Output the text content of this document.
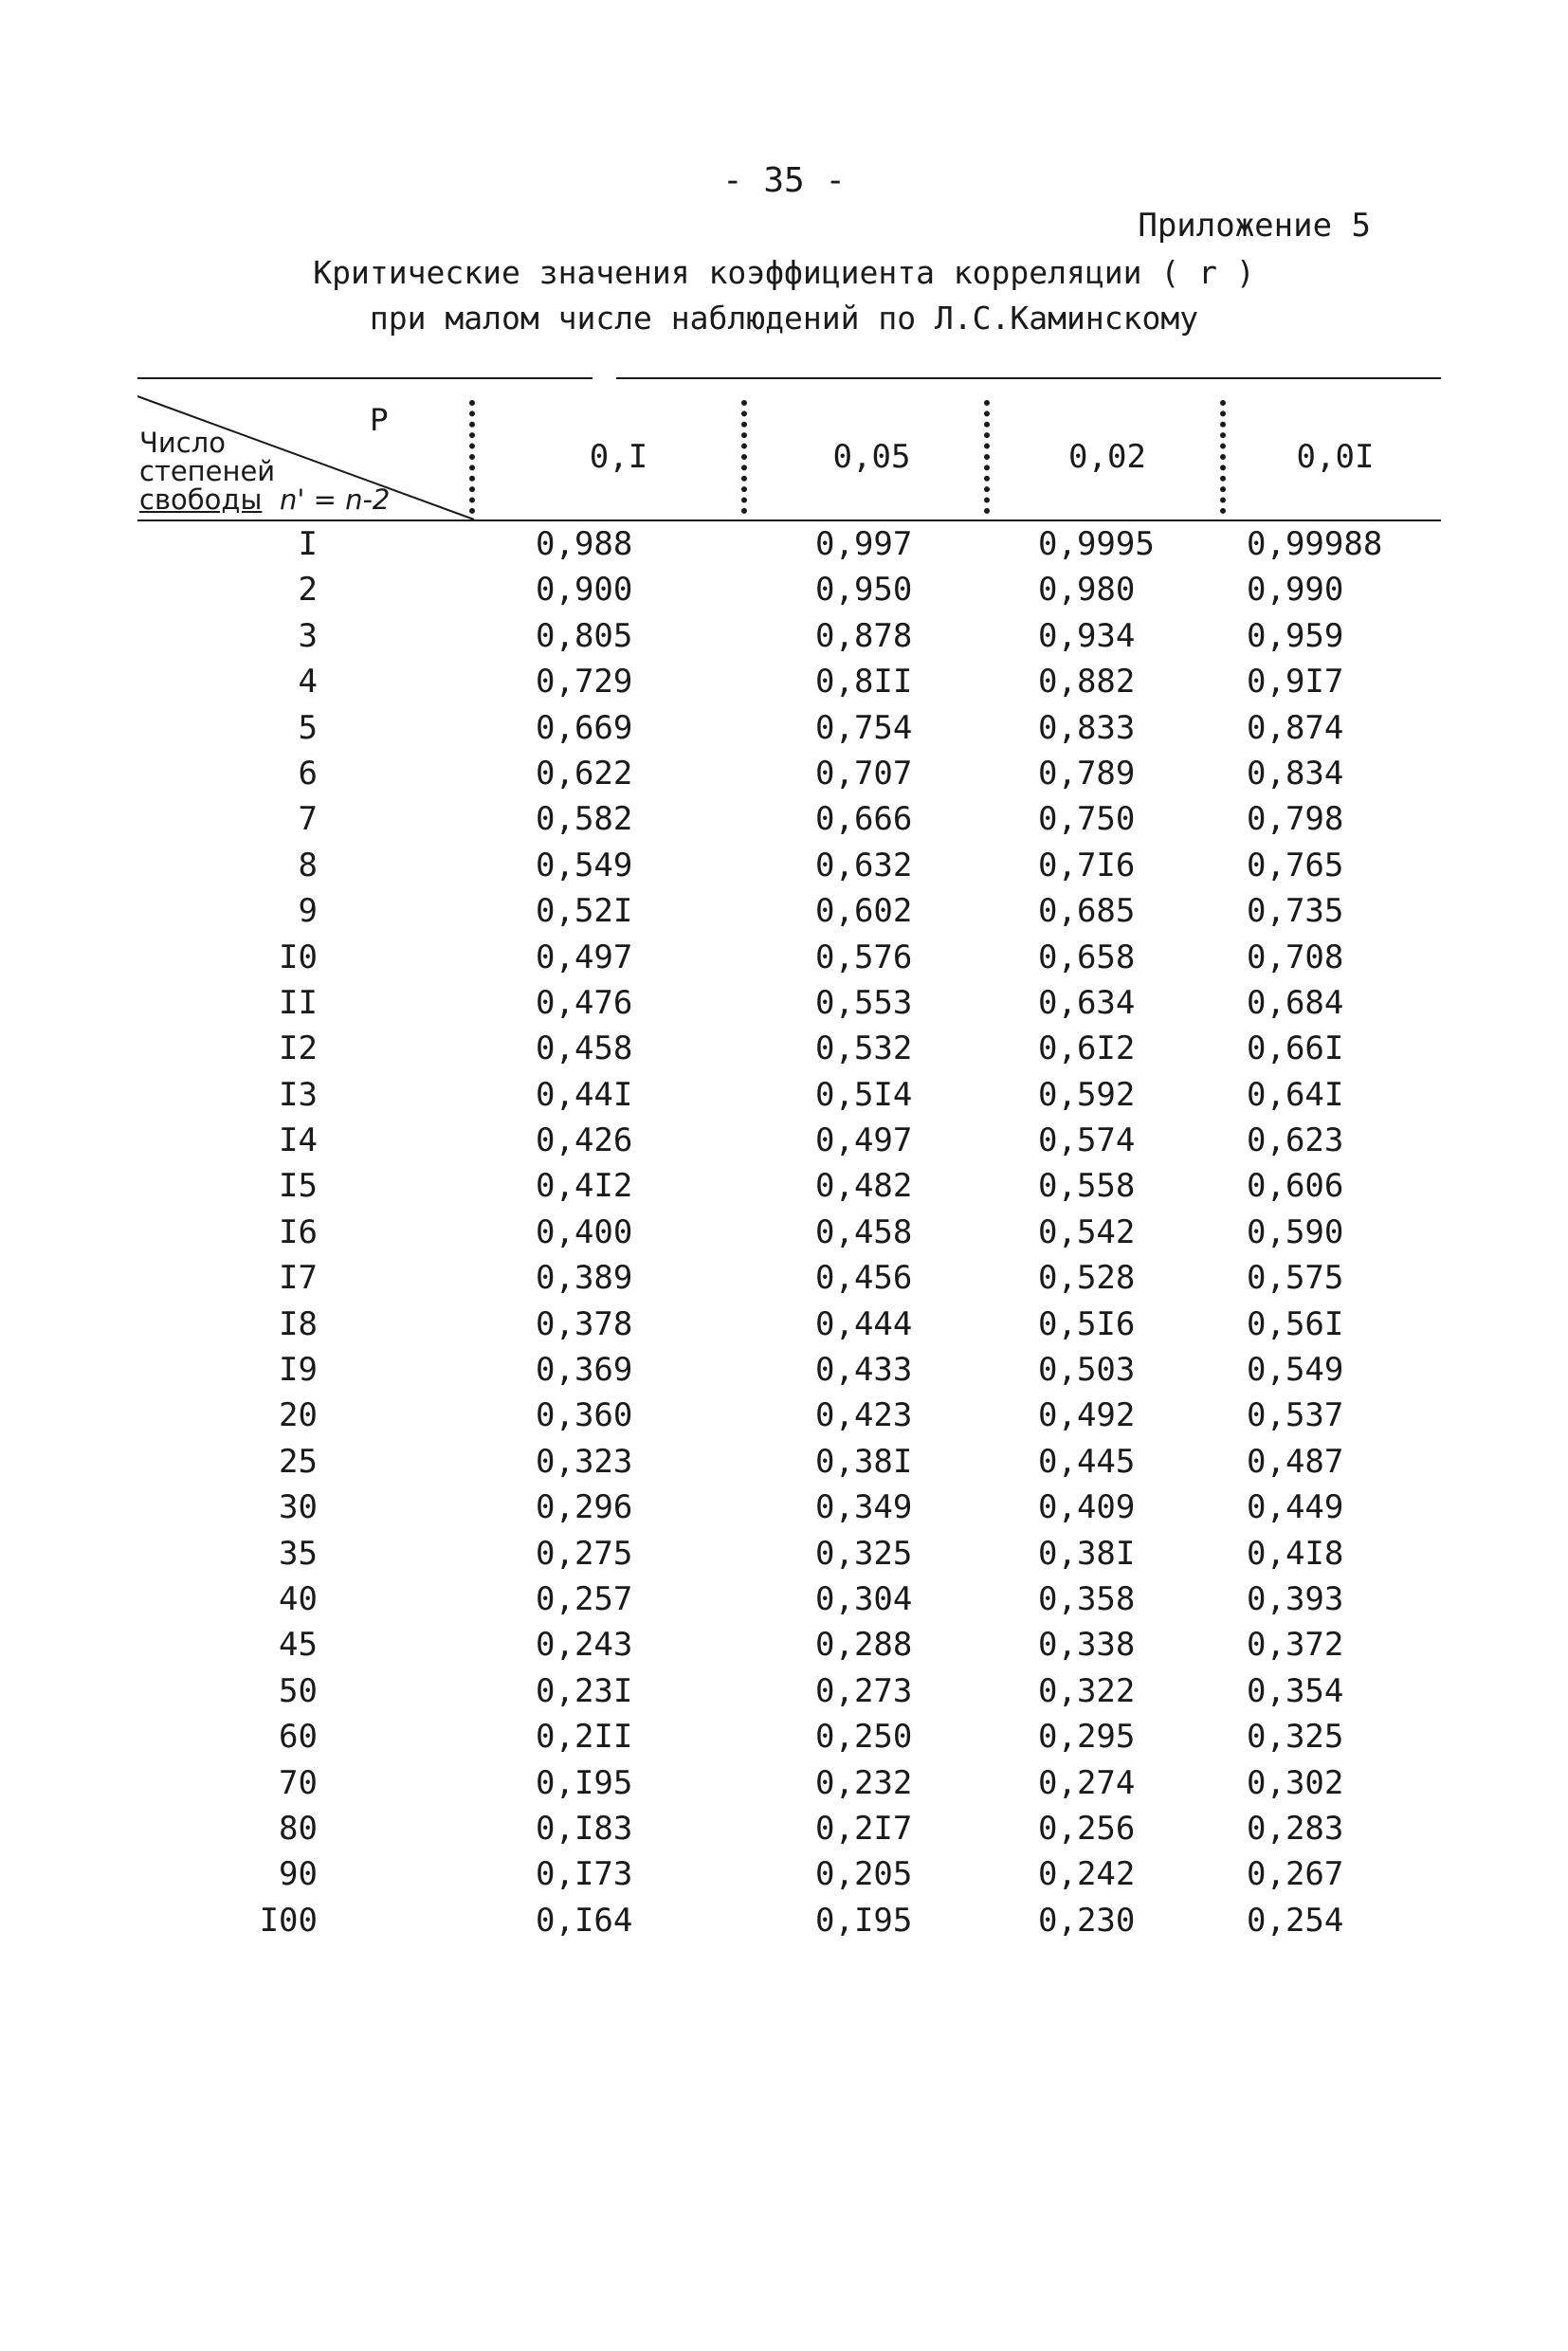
- 35 -
Приложение 5
Критические значения коэффициента корреляции ( r )
при малом числе наблюдений по Л.С.Каминскому
P
Число
степеней
свободы n' = n-2
0,I	0,05	0,02	0,0I
I	0,988	0,997	0,9995	0,99988
2	0,900	0,950	0,980	0,990
3	0,805	0,878	0,934	0,959
4	0,729	0,8II	0,882	0,9I7
5	0,669	0,754	0,833	0,874
6	0,622	0,707	0,789	0,834
7	0,582	0,666	0,750	0,798
8	0,549	0,632	0,7I6	0,765
9	0,52I	0,602	0,685	0,735
I0	0,497	0,576	0,658	0,708
II	0,476	0,553	0,634	0,684
I2	0,458	0,532	0,6I2	0,66I
I3	0,44I	0,5I4	0,592	0,64I
I4	0,426	0,497	0,574	0,623
I5	0,4I2	0,482	0,558	0,606
I6	0,400	0,458	0,542	0,590
I7	0,389	0,456	0,528	0,575
I8	0,378	0,444	0,5I6	0,56I
I9	0,369	0,433	0,503	0,549
20	0,360	0,423	0,492	0,537
25	0,323	0,38I	0,445	0,487
30	0,296	0,349	0,409	0,449
35	0,275	0,325	0,38I	0,4I8
40	0,257	0,304	0,358	0,393
45	0,243	0,288	0,338	0,372
50	0,23I	0,273	0,322	0,354
60	0,2II	0,250	0,295	0,325
70	0,I95	0,232	0,274	0,302
80	0,I83	0,2I7	0,256	0,283
90	0,I73	0,205	0,242	0,267
I00	0,I64	0,I95	0,230	0,254
